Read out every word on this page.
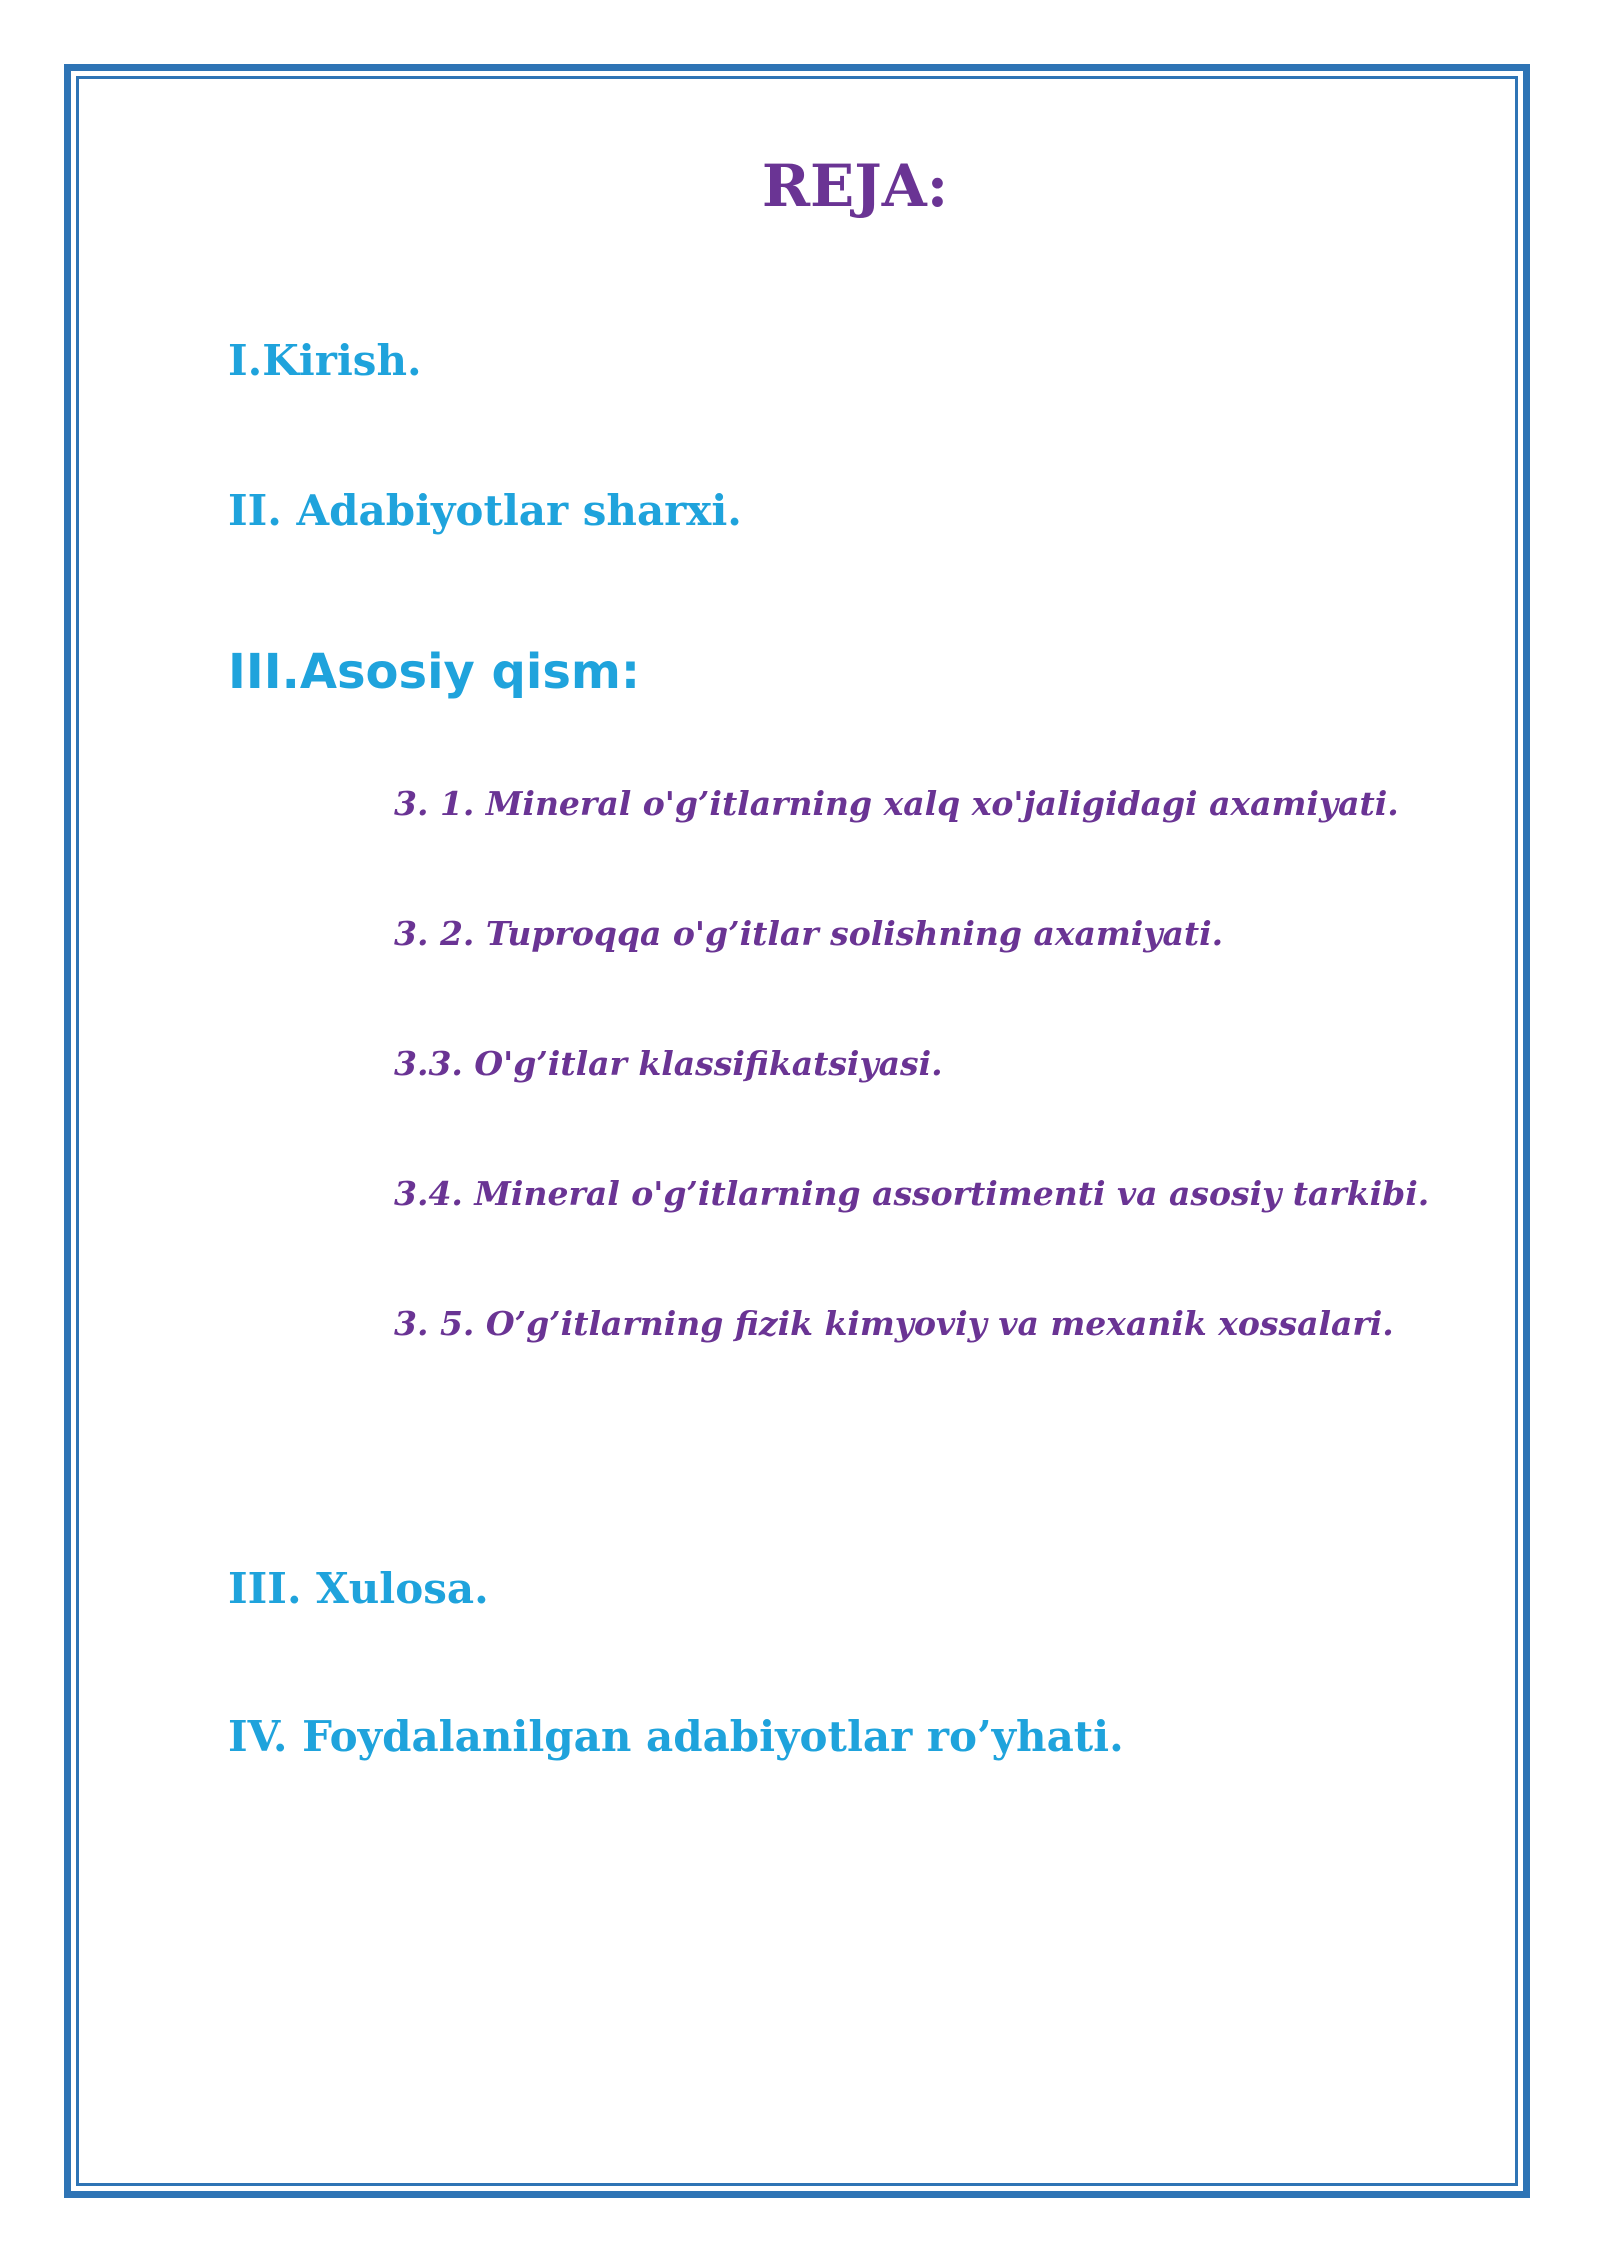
REJA:

I.Kirish.

II. Adabiyotlar sharxi.

III.Asosiy qism:

3. 1. Mineral o'g’itlarning xalq xo'jaligidagi axamiyati.

3. 2. Tuproqqa o'g’itlar solishning axamiyati.

3.3. O'g’itlar klassifikatsiyasi.

3.4. Mineral o'g’itlarning assortimenti va asosiy tarkibi.

3. 5. O’g’itlarning fizik kimyoviy va mexanik xossalari.

III. Xulosa.

IV. Foydalanilgan adabiyotlar ro’yhati.
